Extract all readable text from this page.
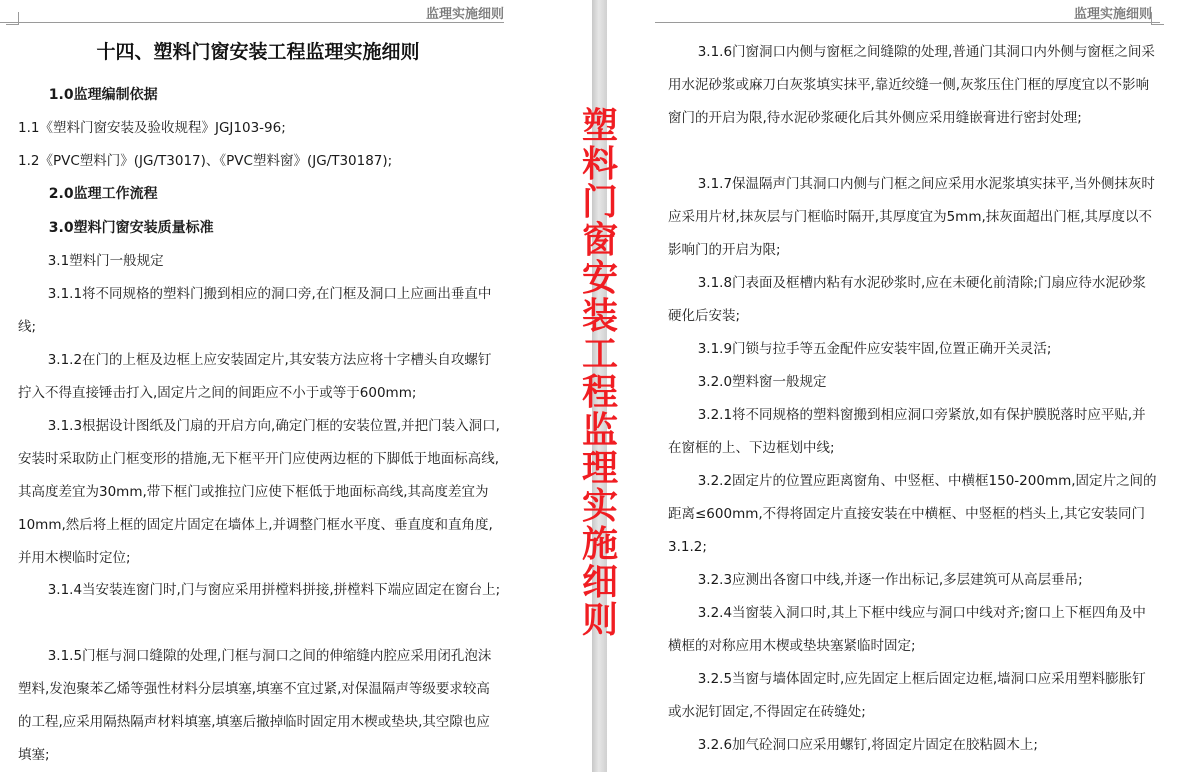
监理实施细则
十四、塑料门窗安装工程监理实施细则

1.0监理编制依据

1.1《塑料门窗安装及验收规程》JGJ103-96;

1.2《PVC塑料门》(JG/T3017)、《PVC塑料窗》(JG/T30187);

2.0监理工作流程

3.0塑料门窗安装质量标准

3.1塑料门一般规定

3.1.1将不同规格的塑料门搬到相应的洞口旁,在门框及洞口上应画出垂直中线;

3.1.2在门的上框及边框上应安装固定片,其安装方法应将十字槽头自攻螺钉拧入不得直接锤击打入,固定片之间的间距应不小于或等于600mm;

3.1.3根据设计图纸及门扇的开启方向,确定门框的安装位置,并把门装入洞口,安装时采取防止门框变形的措施,无下框平开门应使两边框的下脚低于地面标高线,其高度差宜为30mm,带下框门或推拉门应使下框低于地面标高线,其高度差宜为10mm,然后将上框的固定片固定在墙体上,并调整门框水平度、垂直度和直角度,并用木楔临时定位;

3.1.4当安装连窗门时,门与窗应采用拼樘料拼接,拼樘料下端应固定在窗台上;

3.1.5门框与洞口缝隙的处理,门框与洞口之间的伸缩缝内腔应采用闭孔泡沫塑料,发泡聚苯乙烯等强性材料分层填塞,填塞不宜过紧,对保温隔声等级要求较高的工程,应采用隔热隔声材料填塞,填塞后撤掉临时固定用木楔或垫块,其空隙也应填塞;

监理实施细则

3.1.6门窗洞口内侧与窗框之间缝隙的处理,普通门其洞口内外侧与窗框之间采用水泥砂浆或麻刀白灰浆填实抹平,靠近绞缝一侧,灰浆压住门框的厚度宜以不影响窗门的开启为限,待水泥砂浆硬化后其外侧应采用缝嵌膏进行密封处理;

3.1.7保温隔声门其洞口内侧与门框之间应采用水泥浆填实抹平,当外侧抹灰时应采用片材,抹灰层与门框临时隔开,其厚度宜为5mm,抹灰面超出门框,其厚度以不影响门的开启为限;

3.1.8门表面及框槽内粘有水泥砂浆时,应在未硬化前清除;门扇应待水泥砂浆硬化后安装;

3.1.9门锁与拉手等五金配件应安装牢固,位置正确开关灵活;

3.2.0塑料窗一般规定

3.2.1将不同规格的塑料窗搬到相应洞口旁紧放,如有保护膜脱落时应平贴,并在窗框的上、下边框划中线;

3.2.2固定片的位置应距离窗角、中竖框、中横框150-200mm,固定片之间的距离≤600mm,不得将固定片直接安装在中横框、中竖框的档头上,其它安装同门3.1.2;

3.2.3应测出各窗口中线,并逐一作出标记,多层建筑可从高层垂吊;

3.2.4当窗装入洞口时,其上下框中线应与洞口中线对齐;窗口上下框四角及中横框的对称应用木楔或垫块塞紧临时固定;

3.2.5当窗与墙体固定时,应先固定上框后固定边框,墙洞口应采用塑料膨胀钉或水泥钉固定,不得固定在砖缝处;

3.2.6加气砼洞口应采用螺钉,将固定片固定在胶粘圆木上;

塑料门窗安装工程监理实施细则
